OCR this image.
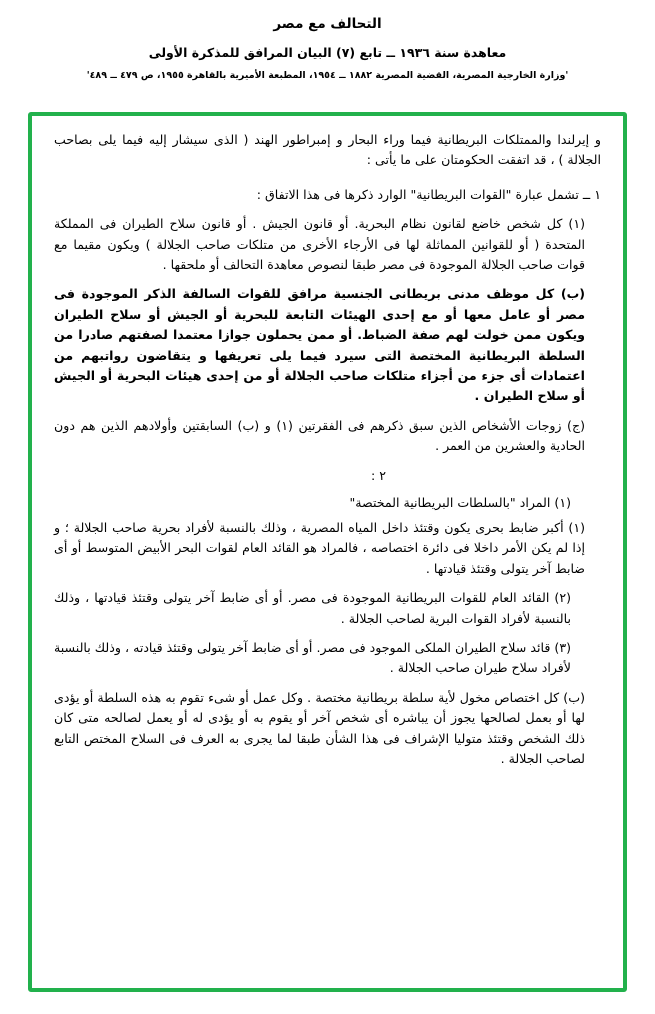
التحالف مع مصر
معاهدة سنة ١٩٣٦ ــ تابع (٧) البيان المرافق للمذكرة الأولى
'وزارة الخارجية المصرية، القضية المصرية ١٨٨٢ ــ ١٩٥٤، المطبعة الأميرية بالقاهرة ١٩٥٥، ص ٤٧٩ ــ ٤٨٩'

و إيرلندا والممتلكات البريطانية فيما وراء البحار و إمبراطور الهند ( الذى سيشار إليه فيما يلى بصاحب الجلالة ) ، قد اتفقت الحكومتان على ما يأتى :

١ ــ تشمل عبارة "القوات البريطانية" الوارد ذكرها فى هذا الاتفاق :

(١) كل شخص خاضع لقانون نظام البحرية. أو قانون الجيش . أو قانون سلاح الطيران فى المملكة المتحدة ( أو للقوانين المماثلة لها فى الأرجاء الأخرى من متلكات صاحب الجلالة ) ويكون مقيما مع قوات صاحب الجلالة الموجودة فى مصر طبقا لنصوص معاهدة التحالف أو ملحقها .

(ب) كل موظف مدنى بريطانى الجنسية مرافق للقوات السالفة الذكر الموجودة فى مصر أو عامل معها أو مع إحدى الهيئات التابعة للبحرية أو الجيش أو سلاح الطيران ويكون ممن خولت لهم صفة الضباط. أو ممن يحملون جوازا معتمدا لصفتهم صادرا من السلطة البريطانية المختصة التى سيرد فيما يلى تعريفها و يتقاضون رواتبهم من اعتمادات أى جزء من أجزاء متلكات صاحب الجلالة أو من إحدى هيئات البحرية أو الجيش أو سلاح الطيران .

(ج) زوجات الأشخاص الذين سبق ذكرهم فى الفقرتين (١) و (ب) السابقتين وأولادهم الذين هم دون الحادية والعشرين من العمر .

٢ :

(١) المراد "بالسلطات البريطانية المختصة"

(١) أكبر ضابط بحرى يكون وقتئذ داخل المياه المصرية ، وذلك بالنسبة لأفراد بحرية صاحب الجلالة ؛ و إذا لم يكن الأمر داخلا فى دائرة اختصاصه ، فالمراد هو القائد العام لقوات البحر الأبيض المتوسط أو أى ضابط آخر يتولى وقتئذ قيادتها .

(٢) القائد العام للقوات البريطانية الموجودة فى مصر. أو أى ضابط آخر يتولى وقتئذ قيادتها ، وذلك بالنسبة لأفراد القوات البرية لصاحب الجلالة .

(٣) قائد سلاح الطيران الملكى الموجود فى مصر. أو أى ضابط آخر يتولى وقتئذ قيادته ، وذلك بالنسبة لأفراد سلاح طيران صاحب الجلالة .

(ب) كل اختصاص مخول لأية سلطة بريطانية مختصة . وكل عمل أو شىء تقوم به هذه السلطة أو يؤدى لها أو بعمل لصالحها يجوز أن يباشره أى شخص آخر أو يقوم به أو يؤدى له أو يعمل لصالحه متى كان ذلك الشخص وقتئذ متوليا الإشراف فى هذا الشأن طبقا لما يجرى به العرف فى السلاح المختص التابع لصاحب الجلالة .
